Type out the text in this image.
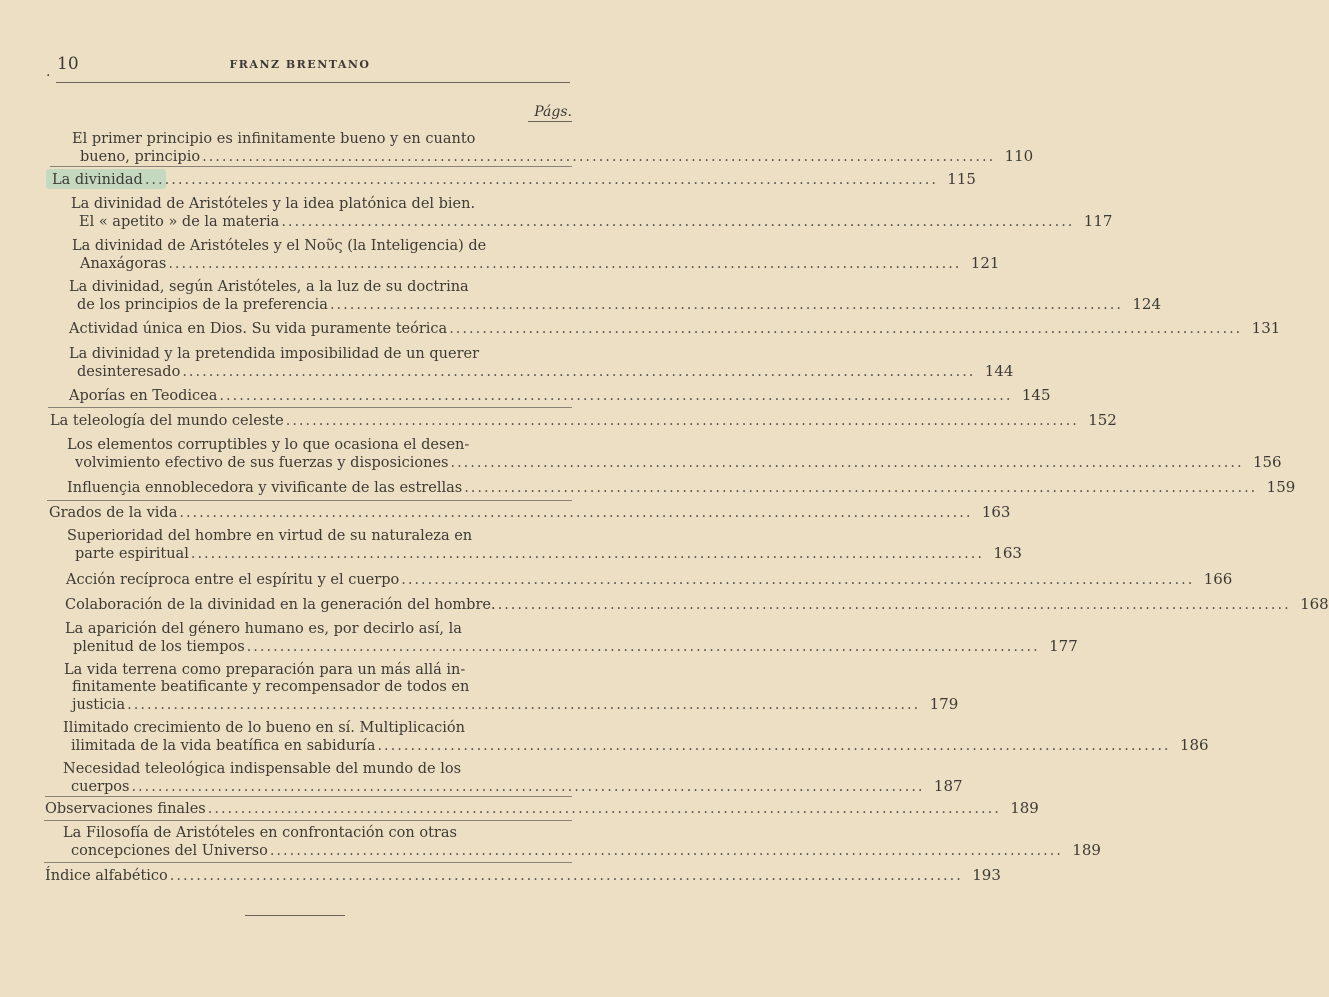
. 10	FRANZ BRENTANO
Págs.
El primer principio es infinitamente bueno y en cuanto
bueno, principio ........................................................................................................................ 110
La divinidad ........................................................................................................................ 115
La divinidad de Aristóteles y la idea platónica del bien.
El « apetito » de la materia ........................................................................................................................ 117
La divinidad de Aristóteles y el Νοῦς (la Inteligencia) de
Anaxágoras ........................................................................................................................ 121
La divinidad, según Aristóteles, a la luz de su doctrina
de los principios de la preferencia ........................................................................................................................ 124
Actividad única en Dios. Su vida puramente teórica ........................................................................................................................ 131
La divinidad y la pretendida imposibilidad de un querer
desinteresado ........................................................................................................................ 144
Aporías en Teodicea ........................................................................................................................ 145
La teleología del mundo celeste ........................................................................................................................ 152
Los elementos corruptibles y lo que ocasiona el desen-
volvimiento efectivo de sus fuerzas y disposiciones ........................................................................................................................ 156
Influençia ennoblecedora y vivificante de las estrellas ........................................................................................................................ 159
Grados de la vida ........................................................................................................................ 163
Superioridad del hombre en virtud de su naturaleza en
parte espiritual ........................................................................................................................ 163
Acción recíproca entre el espíritu y el cuerpo ........................................................................................................................ 166
Colaboración de la divinidad en la generación del hombre. ........................................................................................................................ 168
La aparición del género humano es, por decirlo así, la
plenitud de los tiempos ........................................................................................................................ 177
La vida terrena como preparación para un más allá in-
finitamente beatificante y recompensador de todos en
justicia ........................................................................................................................ 179
Ilimitado crecimiento de lo bueno en sí. Multiplicación
ilimitada de la vida beatífica en sabiduría ........................................................................................................................ 186
Necesidad teleológica indispensable del mundo de los
cuerpos ........................................................................................................................ 187
Observaciones finales ........................................................................................................................ 189
La Filosofía de Aristóteles en confrontación con otras
concepciones del Universo ........................................................................................................................ 189
Índice alfabético ........................................................................................................................ 193
